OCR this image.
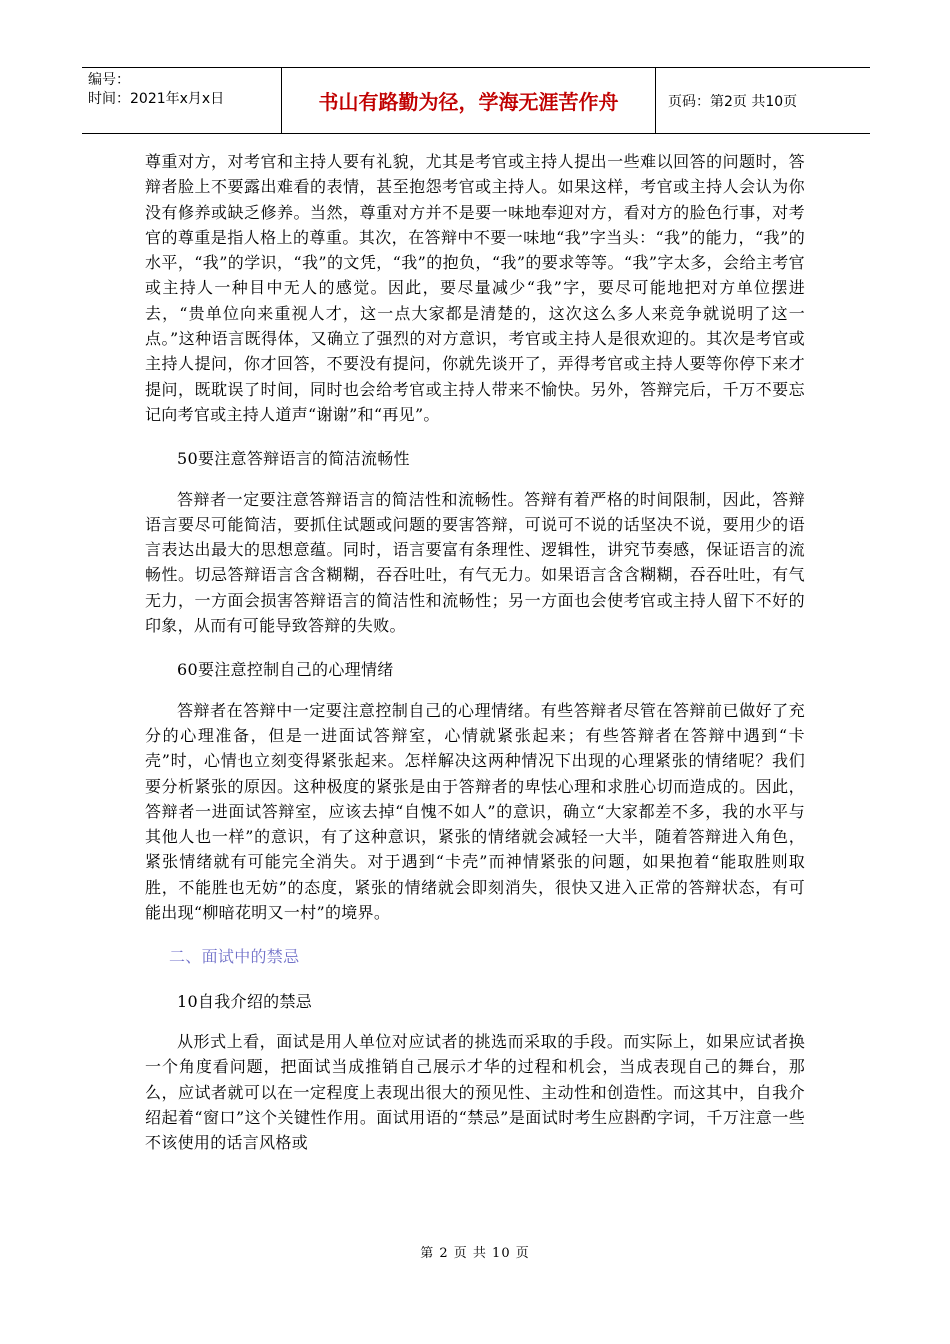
编号：
时间：2021年x月x日	书山有路勤为径，学海无涯苦作舟	页码：第2页 共10页

尊重对方，对考官和主持人要有礼貌，尤其是考官或主持人提出一些难以回答的问题时，答辩者脸上不要露出难看的表情，甚至抱怨考官或主持人。如果这样，考官或主持人会认为你没有修养或缺乏修养。当然，尊重对方并不是要一味地奉迎对方，看对方的脸色行事，对考官的尊重是指人格上的尊重。其次，在答辩中不要一味地“我”字当头：“我”的能力，“我”的水平，“我”的学识，“我”的文凭，“我”的抱负，“我”的要求等等。“我”字太多，会给主考官或主持人一种目中无人的感觉。因此，要尽量减少“我”字，要尽可能地把对方单位摆进去，“贵单位向来重视人才，这一点大家都是清楚的，这次这么多人来竞争就说明了这一点。”这种语言既得体，又确立了强烈的对方意识，考官或主持人是很欢迎的。其次是考官或主持人提问，你才回答，不要没有提问，你就先谈开了，弄得考官或主持人要等你停下来才提问，既耽误了时间，同时也会给考官或主持人带来不愉快。另外，答辩完后，千万不要忘记向考官或主持人道声“谢谢”和“再见”。

50要注意答辩语言的简洁流畅性

答辩者一定要注意答辩语言的简洁性和流畅性。答辩有着严格的时间限制，因此，答辩语言要尽可能简洁，要抓住试题或问题的要害答辩，可说可不说的话坚决不说，要用少的语言表达出最大的思想意蕴。同时，语言要富有条理性、逻辑性，讲究节奏感，保证语言的流畅性。切忌答辩语言含含糊糊，吞吞吐吐，有气无力。如果语言含含糊糊，吞吞吐吐，有气无力，一方面会损害答辩语言的简洁性和流畅性；另一方面也会使考官或主持人留下不好的印象，从而有可能导致答辩的失败。

60要注意控制自己的心理情绪

答辩者在答辩中一定要注意控制自己的心理情绪。有些答辩者尽管在答辩前已做好了充分的心理准备，但是一进面试答辩室，心情就紧张起来；有些答辩者在答辩中遇到“卡壳”时，心情也立刻变得紧张起来。怎样解决这两种情况下出现的心理紧张的情绪呢？我们要分析紧张的原因。这种极度的紧张是由于答辩者的卑怯心理和求胜心切而造成的。因此，答辩者一进面试答辩室，应该去掉“自愧不如人”的意识，确立“大家都差不多，我的水平与其他人也一样”的意识，有了这种意识，紧张的情绪就会减轻一大半，随着答辩进入角色，紧张情绪就有可能完全消失。对于遇到“卡壳”而神情紧张的问题，如果抱着“能取胜则取胜，不能胜也无妨”的态度，紧张的情绪就会即刻消失，很快又进入正常的答辩状态，有可能出现“柳暗花明又一村”的境界。

二、面试中的禁忌

10自我介绍的禁忌

从形式上看，面试是用人单位对应试者的挑选而采取的手段。而实际上，如果应试者换一个角度看问题，把面试当成推销自己展示才华的过程和机会，当成表现自己的舞台，那么，应试者就可以在一定程度上表现出很大的预见性、主动性和创造性。而这其中，自我介绍起着“窗口”这个关键性作用。面试用语的“禁忌”是面试时考生应斟酌字词，千万注意一些不该使用的话言风格或

第 2 页 共 10 页
